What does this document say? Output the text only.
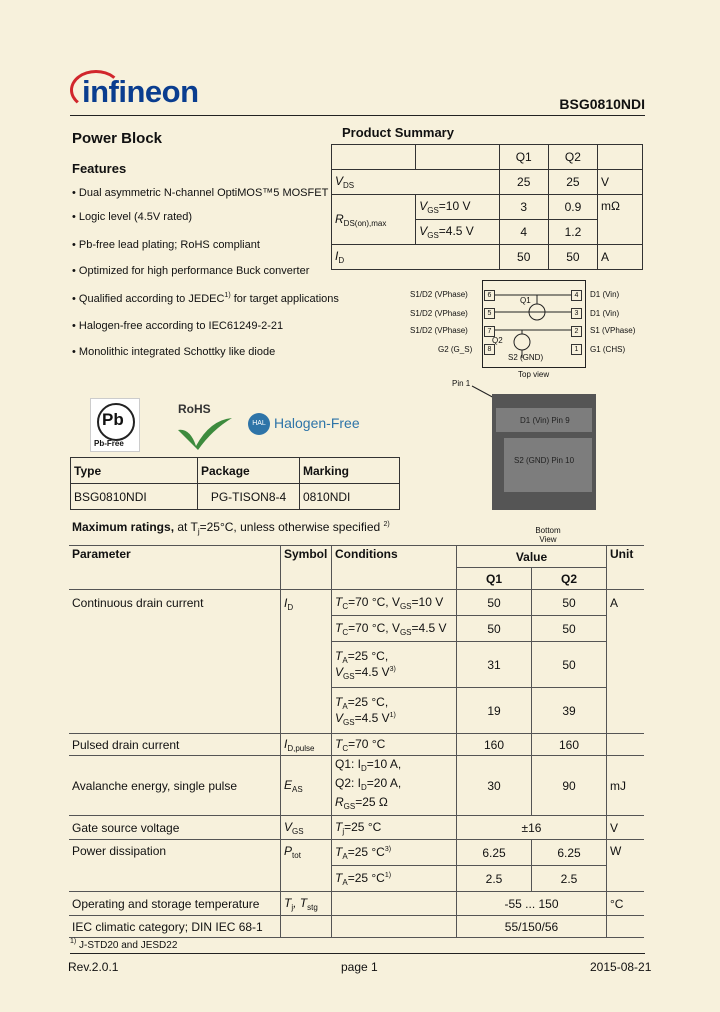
infineon	BSG0810NDI
Power Block
Features
• Dual asymmetric N-channel OptiMOS™5 MOSFET
• Logic level (4.5V rated)
• Pb-free lead plating; RoHS compliant
• Optimized for high performance Buck converter
• Qualified according to JEDEC$^{1)}$ for target applications
• Halogen-free according to IEC61249-2-21
• Monolithic integrated Schottky like diode
Product Summary
		Q1	Q2	
$V_{DS}$		25	25	V
$R_{DS(on),max}$	$V_{GS}=10$ V	3	0.9	mΩ
	$V_{GS}=4.5$ V	4	1.2	
$I_D$		50	50	A
S1/D2 (VPhase)
S1/D2 (VPhase)
S1/D2 (VPhase)
G2 (G_S)
6
5
7
8
4
3
2
1
D1 (Vin)
D1 (Vin)
S1 (VPhase)
G1 (CHS)
Q1
Q2
S2 (GND)
Top view
Pin 1
D1 (Vin) Pin 9
S2 (GND) Pin 10
Bottom View
Pb
Pb-Free
RoHS
HAL Halogen-Free
Type	Package	Marking
BSG0810NDI	PG-TISON8-4	0810NDI
Maximum ratings, at $T_j=25^\circ C$, unless otherwise specified $^{2)}$
Parameter	Symbol	Conditions	Value		Unit
			Q1	Q2	
Continuous drain current	$I_D$	$T_C=70$ °C, $V_{GS}=10$ V	50	50	A
		$T_C=70$ °C, $V_{GS}=4.5$ V	50	50	
		$T_A=25$ °C,
$V_{GS}=4.5$ $V^{3)}$	31	50	
		$T_A=25$ °C,
$V_{GS}=4.5$ $V^{1)}$	19	39	
Pulsed drain current	$I_{D,pulse}$	$T_C=70$ °C	160	160	
Avalanche energy, single pulse	$E_{AS}$	Q1: $I_D=10$ A,
Q2: $I_D=20$ A,
$R_{GS}=25$ Ω	30	90	mJ
Gate source voltage	$V_{GS}$	$T_j=25$ °C	±16		V
Power dissipation	$P_{tot}$	$T_A=25$ $^\circ C^{3)}$	6.25	6.25	W
		$T_A=25$ $^\circ C^{1)}$	2.5	2.5	
Operating and storage temperature	$T_j$, $T_{stg}$		-55 ... 150		°C
IEC climatic category; DIN IEC 68-1			55/150/56		
$^{1)}$ J-STD20 and JESD22
Rev.2.0.1	page 1	2015-08-21
